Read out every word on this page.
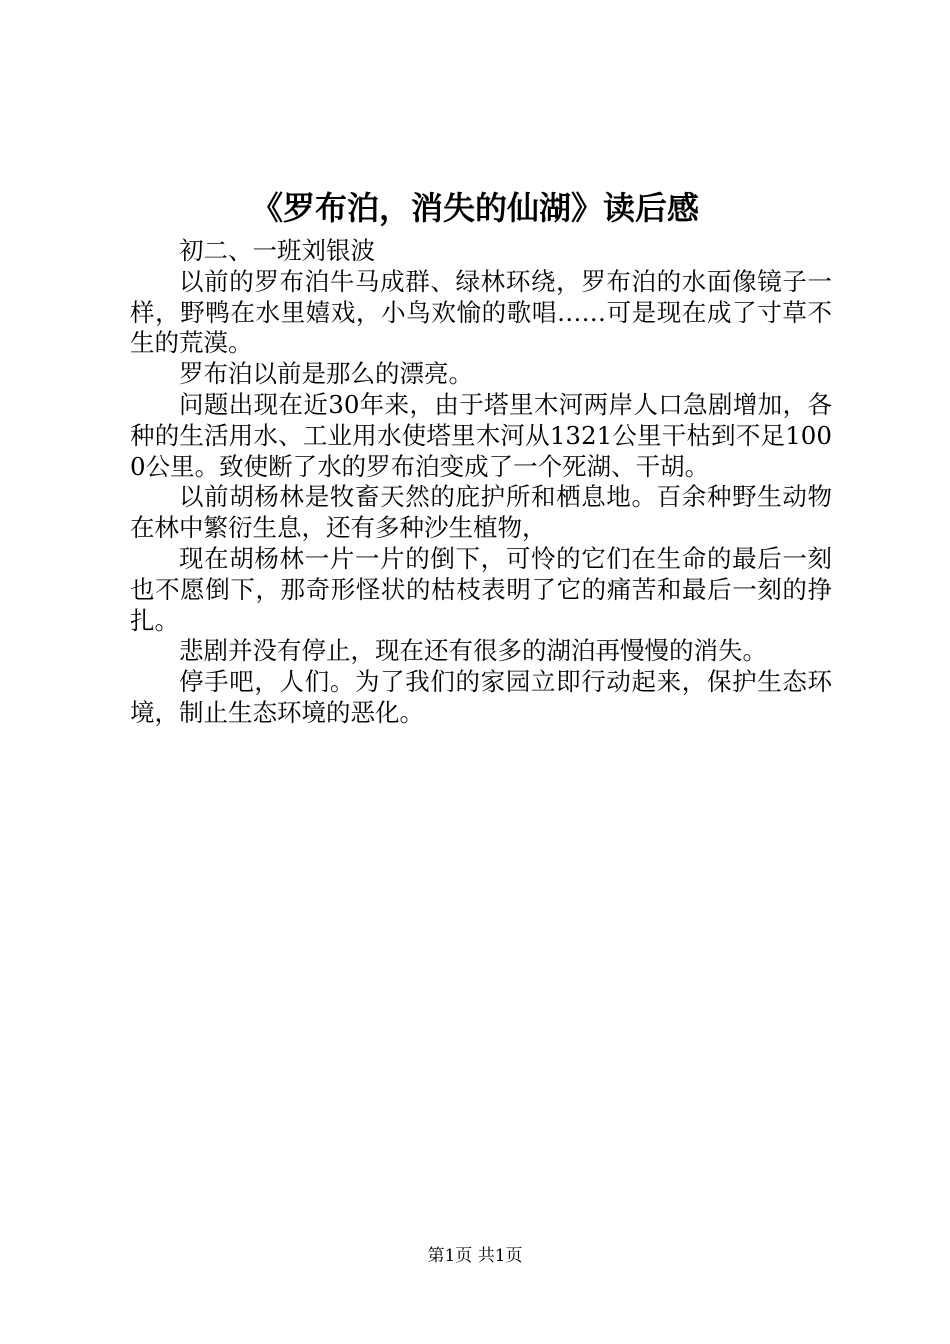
《罗布泊，消失的仙湖》读后感

初二、一班刘银波

以前的罗布泊牛马成群、绿林环绕，罗布泊的水面像镜子一样，野鸭在水里嬉戏，小鸟欢愉的歌唱……可是现在成了寸草不生的荒漠。

罗布泊以前是那么的漂亮。

问题出现在近30年来，由于塔里木河两岸人口急剧增加，各种的生活用水、工业用水使塔里木河从1321公里干枯到不足1000公里。致使断了水的罗布泊变成了一个死湖、干胡。

以前胡杨林是牧畜天然的庇护所和栖息地。百余种野生动物在林中繁衍生息，还有多种沙生植物，

现在胡杨林一片一片的倒下，可怜的它们在生命的最后一刻也不愿倒下，那奇形怪状的枯枝表明了它的痛苦和最后一刻的挣扎。

悲剧并没有停止，现在还有很多的湖泊再慢慢的消失。

停手吧，人们。为了我们的家园立即行动起来，保护生态环境，制止生态环境的恶化。

第1页 共1页
